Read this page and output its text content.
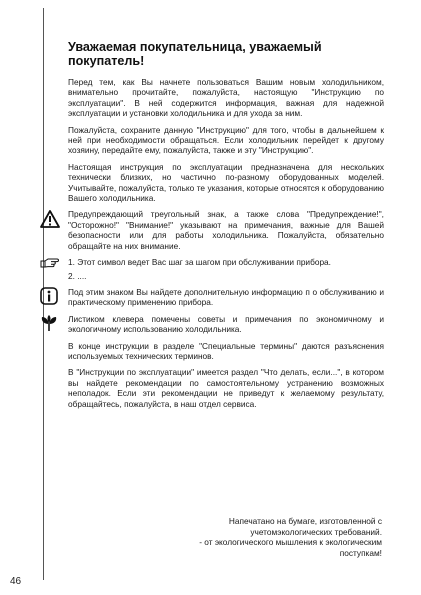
46
Уважаемая покупательница, уважаемый
покупатель!

Перед тем, как Вы начнете пользоваться Вашим новым холодильником, внимательно прочитайте, пожалуйста, настоящую "Инструкцию по эксплуатации". В ней содержится информация, важная для надежной эксплуатации и установки холодильника и для ухода за ним.

Пожалуйста, сохраните данную "Инструкцию" для того, чтобы в дальнейшем к ней при необходимости обращаться. Если холодильник перейдет к другому хозяину, передайте ему, пожалуйста, также и эту "Инструкцию".

Настоящая инструкция по эксплуатации предназначена для нескольких технически близких, но частично по-разному оборудованных моделей. Учитывайте, пожалуйста, только те указания, которые относятся к оборудованию Вашего холодильника.

Предупреждающий треугольный знак, а также слова "Предупреждение!", "Осторожно!" "Внимание!" указывают на примечания, важные для Вашей безопасности или для работы холодильника. Пожалуйста, обязательно обращайте на них внимание.

1. Этот символ ведет Вас шаг за шагом при обслуживании прибора.

2. ....

Под этим знаком Вы найдете дополнительную информацию п о обслуживанию и практическому применению прибора.

Листиком клевера помечены советы и примечания по экономичному и экологичному использованию холодильника.

В конце инструкции в разделе "Специальные термины" даются разъяснения используемых технических терминов.

В "Инструкции по эксплуатации" имеется раздел "Что делать, если...", в котором вы найдете рекомендации по самостоятельному устранению возможных неполадок. Если эти рекомендации не приведут к желаемому результату, обращайтесь, пожалуйста, в наш отдел сервиса.

Напечатано на бумаге, изготовленной с
учетомэкологических требований.
- от экологического мышления к экологическим
поступкам!
